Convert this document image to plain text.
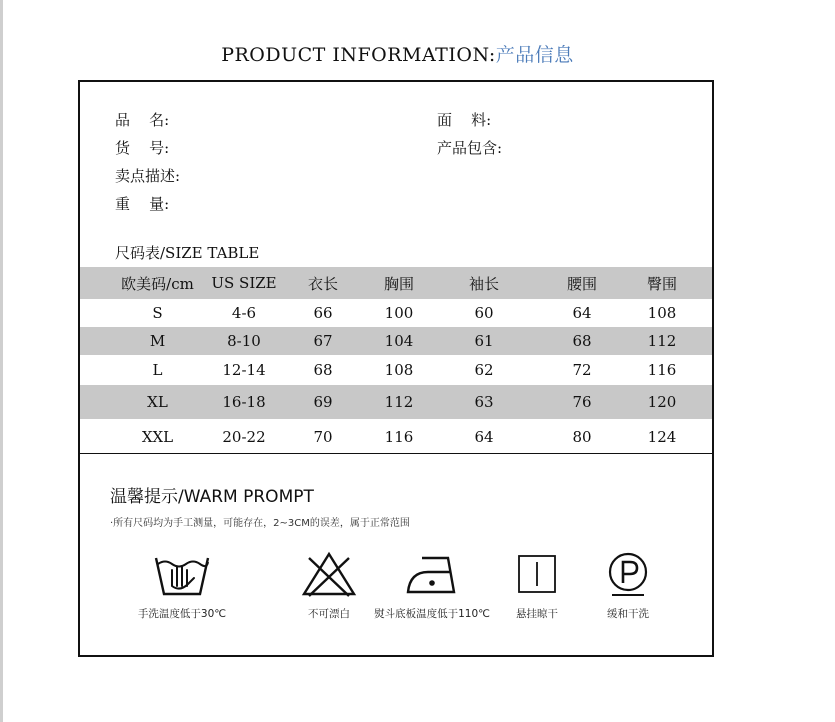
PRODUCT INFORMATION:产品信息
品    名:
货    号:
卖点描述:
重    量:
面    料:
产品包含:
尺码表/SIZE TABLE
欧美码/cm	US SIZE	衣长	胸围	袖长	腰围	臀围
S	4-6	66	100	60	64	108
M	8-10	67	104	61	68	112
L	12-14	68	108	62	72	116
XL	16-18	69	112	63	76	120
XXL	20-22	70	116	64	80	124
温馨提示/WARM PROMPT
·所有尺码均为手工测量，可能存在，2~3CM的误差，属于正常范围
手洗温度低于30℃	不可漂白	熨斗底板温度低于110℃	悬挂晾干	缓和干洗
